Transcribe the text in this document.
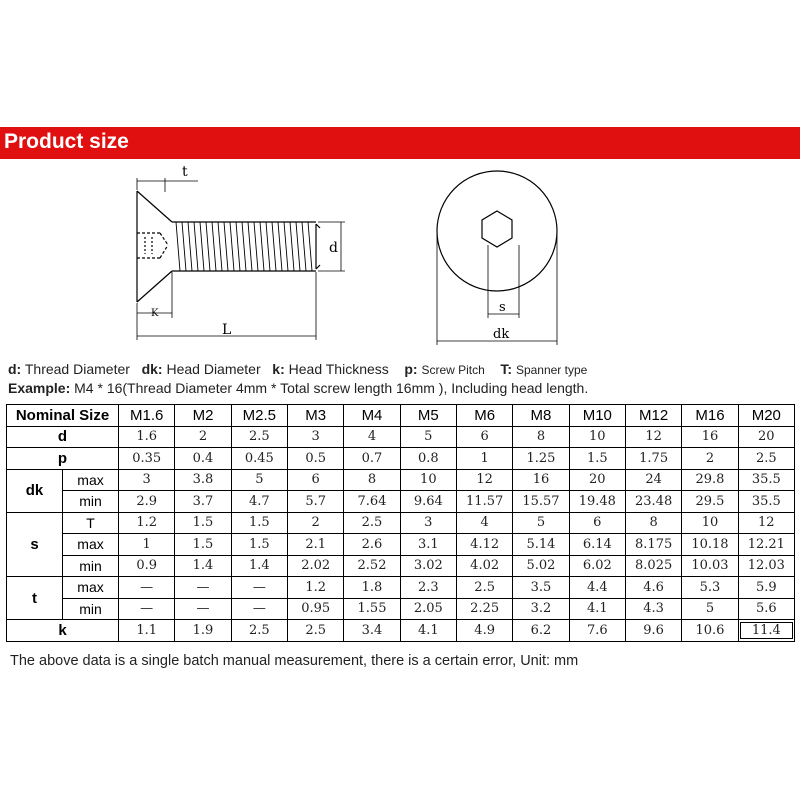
Product size
t
K
L
d
s
dk
d: Thread Diameter dk: Head Diameter k: Head Thickness p: Screw Pitch T: Spanner type
Example: M4 * 16(Thread Diameter 4mm * Total screw length 16mm ), Including head length.
Nominal Size		M1.6	M2	M2.5	M3	M4	M5	M6	M8	M10	M12	M16	M20
d		1.6	2	2.5	3	4	5	6	8	10	12	16	20
p		0.35	0.4	0.45	0.5	0.7	0.8	1	1.25	1.5	1.75	2	2.5
dk	max	3	3.8	5	6	8	10	12	16	20	24	29.8	35.5
	min	2.9	3.7	4.7	5.7	7.64	9.64	11.57	15.57	19.48	23.48	29.5	35.5
s	T	1.2	1.5	1.5	2	2.5	3	4	5	6	8	10	12
	max	1	1.5	1.5	2.1	2.6	3.1	4.12	5.14	6.14	8.175	10.18	12.21
	min	0.9	1.4	1.4	2.02	2.52	3.02	4.02	5.02	6.02	8.025	10.03	12.03
t	max	—	—	—	1.2	1.8	2.3	2.5	3.5	4.4	4.6	5.3	5.9
	min	—	—	—	0.95	1.55	2.05	2.25	3.2	4.1	4.3	5	5.6
k		1.1	1.9	2.5	2.5	3.4	4.1	4.9	6.2	7.6	9.6	10.6	11.4
The above data is a single batch manual measurement, there is a certain error, Unit: mm
